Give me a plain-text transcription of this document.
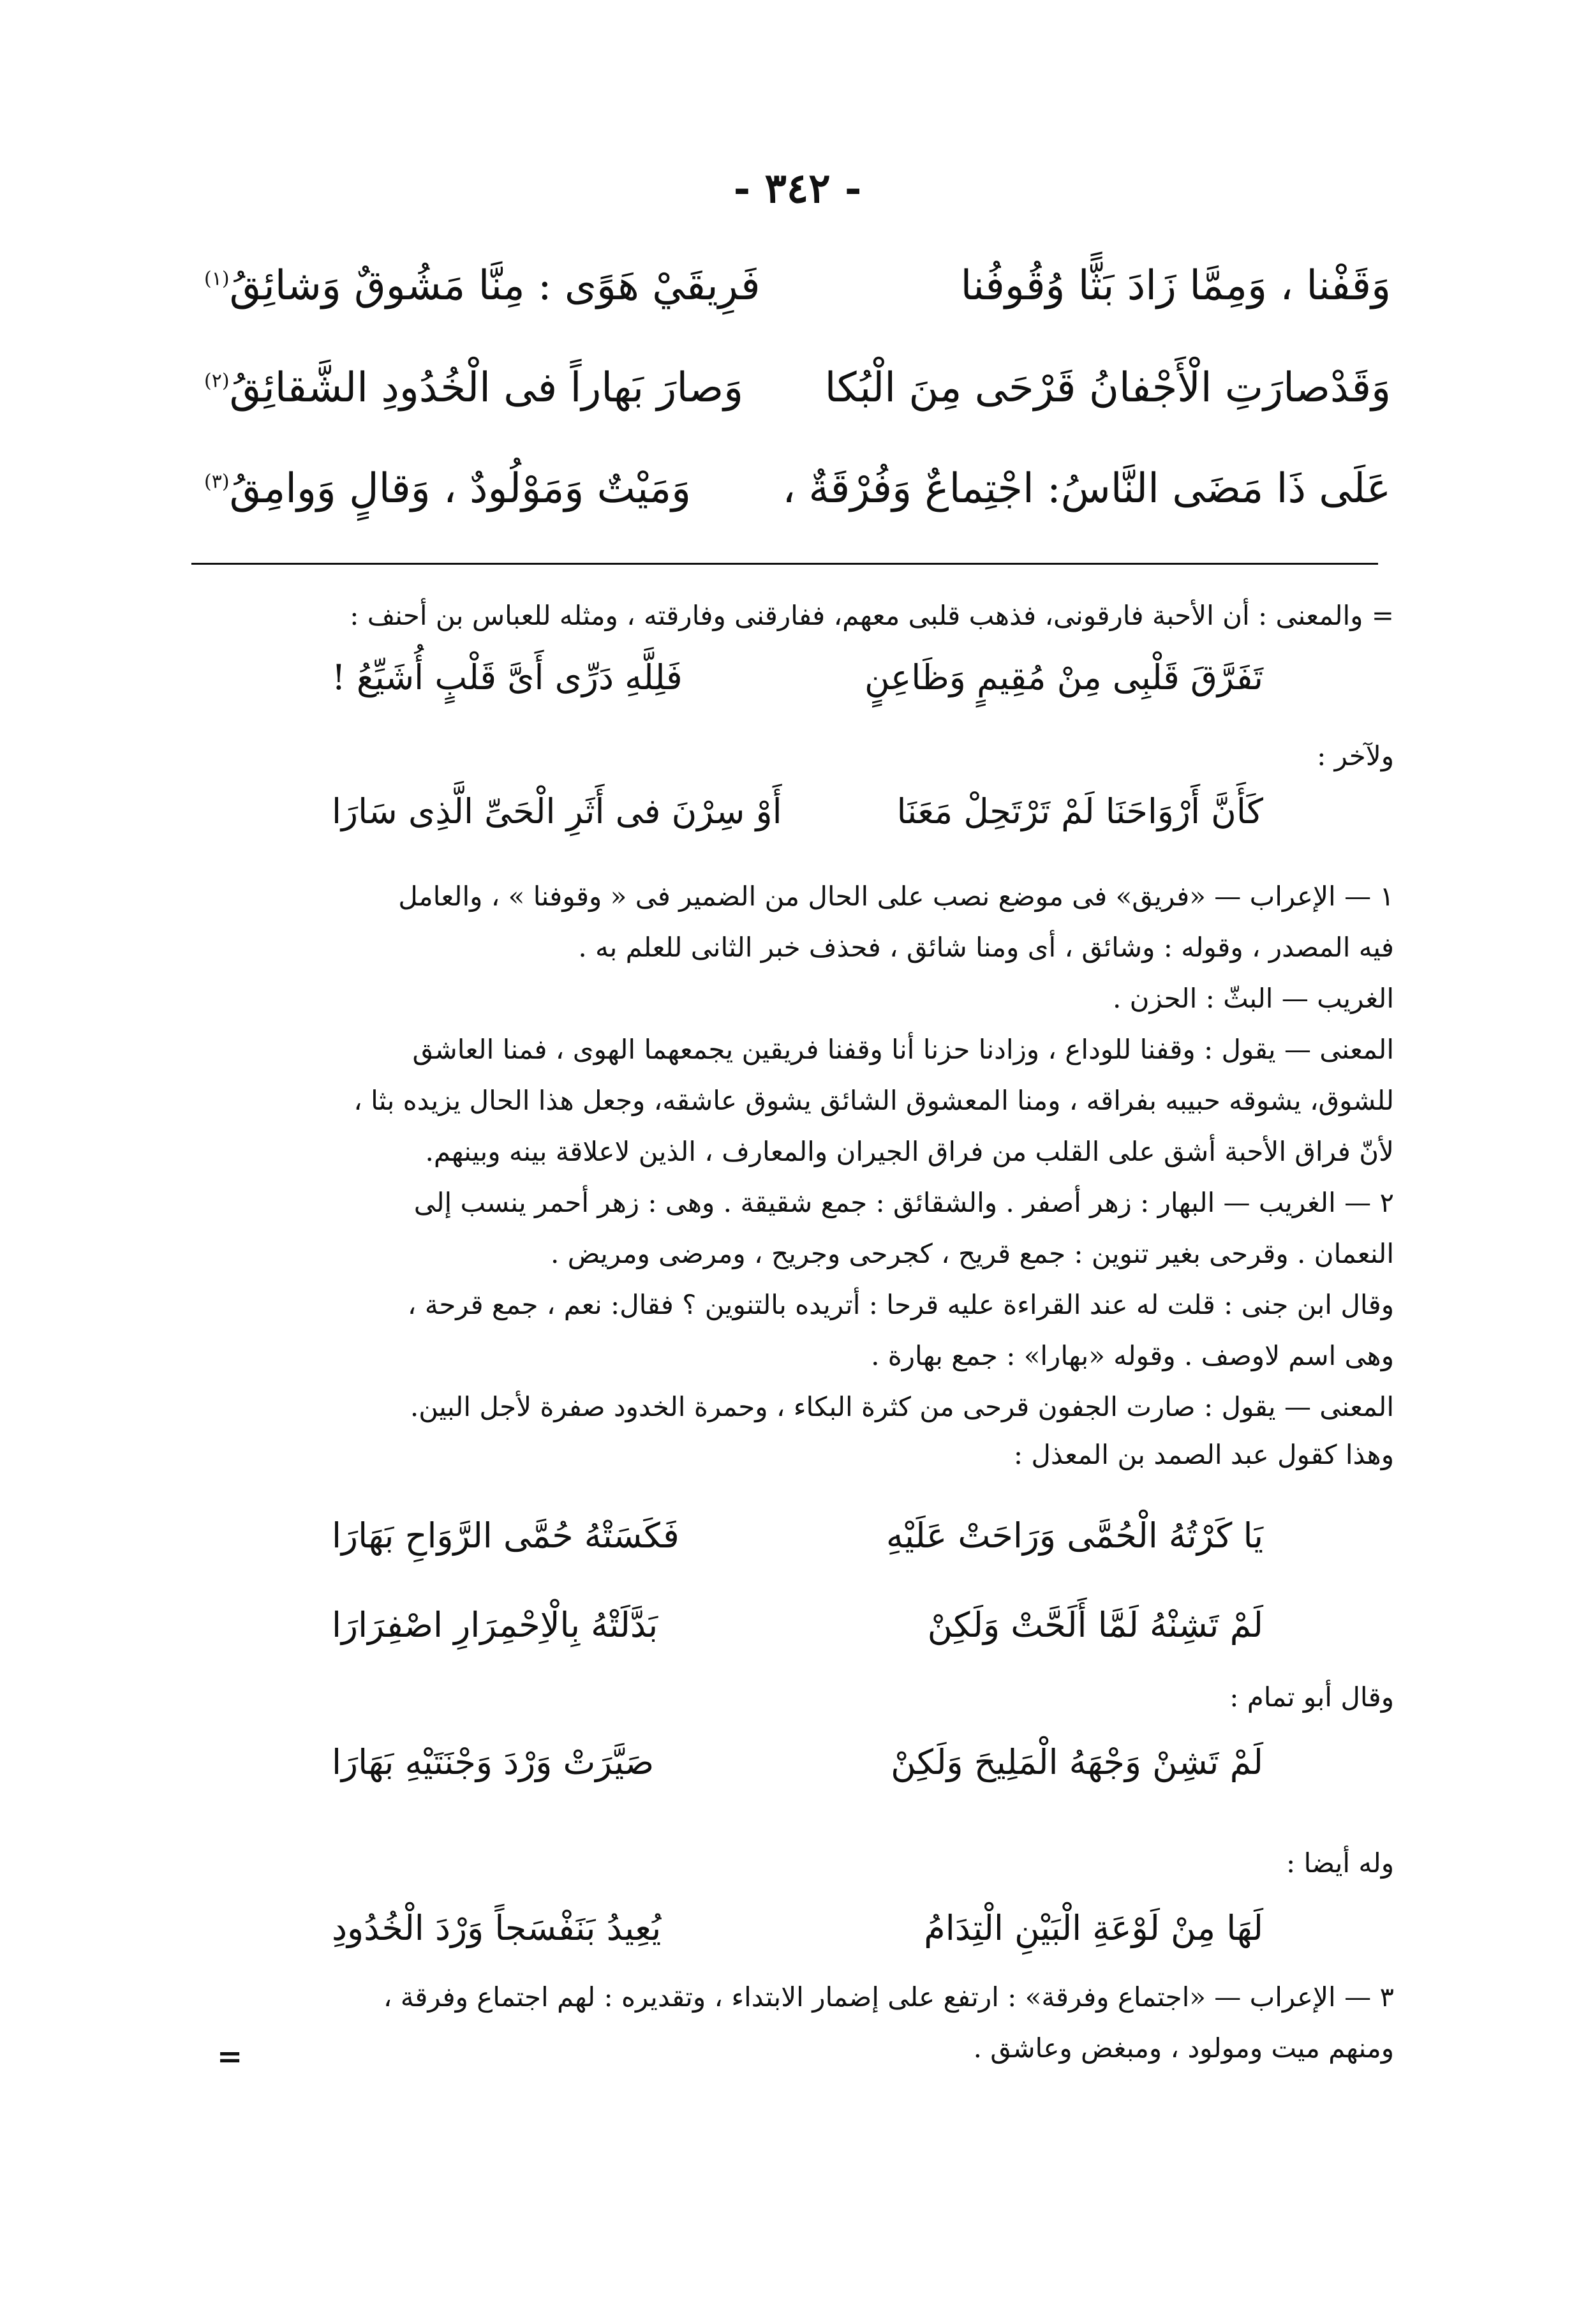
- ٣٤٢ -
وَقَفْنا ، وَمِمَّا زَادَ بَثًّا وُقُوفُنا
فَرِيقَيْ هَوًى : مِنَّا مَشُوقٌ وَشائِقُ$^{(١)}$
وَقَدْصارَتِ الْأَجْفانُ قَرْحَى مِنَ الْبُكا
وَصارَ بَهاراً فى الْخُدُودِ الشَّقائِقُ$^{(٢)}$
عَلَى ذَا مَضَى النَّاسُ: اجْتِماعٌ وَفُرْقَةٌ ،
وَمَيْتٌ وَمَوْلُودٌ ، وَقالٍ وَوامِقُ$^{(٣)}$
= والمعنى : أن الأحبة فارقونى، فذهب قلبى معهم، ففارقنى وفارقته ، ومثله للعباس بن أحنف :
تَفَرَّقَ قَلْبِى مِنْ مُقِيمٍ وَظَاعِنٍ
فَلِلَّهِ دَرِّى أَىَّ قَلْبٍ أُشَيِّعُ !
ولآخر :
كَأَنَّ أَرْوَاحَنَا لَمْ تَرْتَحِلْ مَعَنَا
أَوْ سِرْنَ فى أَثَرِ الْحَىِّ الَّذِى سَارَا
١ — الإعراب — «فريق» فى موضع نصب على الحال من الضمير فى « وقوفنا » ، والعامل
فيه المصدر ، وقوله : وشائق ، أى ومنا شائق ، فحذف خبر الثانى للعلم به .
الغريب — البثّ : الحزن .
المعنى — يقول : وقفنا للوداع ، وزادنا حزنا أنا وقفنا فريقين يجمعهما الهوى ، فمنا العاشق
للشوق، يشوقه حبيبه بفراقه ، ومنا المعشوق الشائق يشوق عاشقه، وجعل هذا الحال يزيده بثا ،
لأنّ فراق الأحبة أشق على القلب من فراق الجيران والمعارف ، الذين لاعلاقة بينه وبينهم.
٢ — الغريب — البهار : زهر أصفر . والشقائق : جمع شقيقة . وهى : زهر أحمر ينسب إلى
النعمان . وقرحى بغير تنوين : جمع قريح ، كجرحى وجريح ، ومرضى ومريض .
وقال ابن جنى : قلت له عند القراءة عليه قرحا : أتريده بالتنوين ؟ فقال: نعم ، جمع قرحة ،
وهى اسم لاوصف . وقوله «بهارا» : جمع بهارة .
المعنى — يقول : صارت الجفون قرحى من كثرة البكاء ، وحمرة الخدود صفرة لأجل البين.
وهذا كقول عبد الصمد بن المعذل :
يَا كَرْتُهُ الْحُمَّى وَرَاحَتْ عَلَيْهِ
فَكَسَتْهُ حُمَّى الرَّوَاحِ بَهَارَا
لَمْ تَشِنْهُ لَمَّا أَلَحَّتْ وَلَكِنْ
بَدَّلَتْهُ بِالْاِحْمِرَارِ اصْفِرَارَا
وقال أبو تمام :
لَمْ تَشِنْ وَجْهَهُ الْمَلِيحَ وَلَكِنْ
صَيَّرَتْ وَرْدَ وَجْنَتَيْهِ بَهَارَا
وله أيضا :
لَهَا مِنْ لَوْعَةِ الْبَيْنِ الْتِدَامُ
يُعِيدُ بَنَفْسَجاً وَرْدَ الْخُدُودِ
٣ — الإعراب — «اجتماع وفرقة» : ارتفع على إضمار الابتداء ، وتقديره : لهم اجتماع وفرقة ،
ومنهم ميت ومولود ، ومبغض وعاشق .
=
